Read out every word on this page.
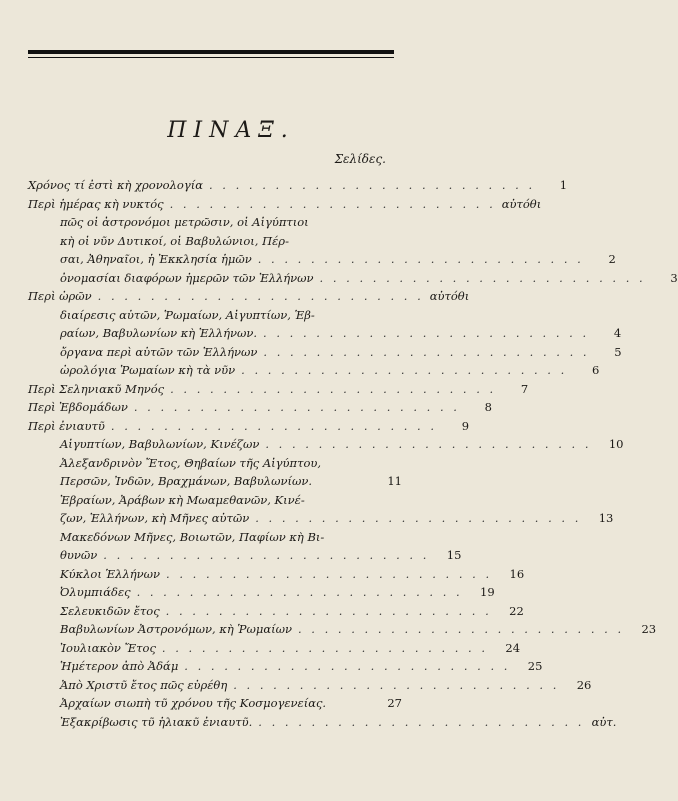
ΠΙΝΑΞ.
Σελίδες.
Χρόνος τί ἐστὶ κὴ χρονολογία . . . . . . . . . . . . . . . . . . . . . . . . .	1
Περὶ ἡμέρας κὴ νυκτός . . . . . . . . . . . . . . . . . . . . . . . . . αὐτόθι
πῶς οἱ ἀστρονόμοι μετρῶσιν, οἱ Αἰγύπτιοι
κὴ οἱ νῦν Δυτικοί, οἱ Βαβυλώνιοι, Πέρ-
σαι, Ἀθηναῖοι, ἡ Ἐκκλησία ἡμῶν . . . . . . . . . . . . . . . . . . . . . . . . .	2
ὀνομασίαι διαφόρων ἡμερῶν τῶν Ἑλλήνων . . . . . . . . . . . . . . . . . . . . . . . . .	3
Περὶ ὡρῶν . . . . . . . . . . . . . . . . . . . . . . . . . αὐτόθι
διαίρεσις αὐτῶν, Ῥωμαίων, Αἰγυπτίων, Ἑβ-
ραίων, Βαβυλωνίων κὴ Ἑλλήνων. . . . . . . . . . . . . . . . . . . . . . . . . .	4
ὄργανα περὶ αὐτῶν τῶν Ἑλλήνων . . . . . . . . . . . . . . . . . . . . . . . . .	5
ὡρολόγια Ῥωμαίων κὴ τὰ νῦν . . . . . . . . . . . . . . . . . . . . . . . . .	6
Περὶ Σεληνιακῦ Μηνός . . . . . . . . . . . . . . . . . . . . . . . . .	7
Περὶ Ἑβδομάδων . . . . . . . . . . . . . . . . . . . . . . . . .	8
Περὶ ἐνιαυτῦ . . . . . . . . . . . . . . . . . . . . . . . . .	9
Αἰγυπτίων, Βαβυλωνίων, Κινέζων . . . . . . . . . . . . . . . . . . . . . . . . .	10
Ἀλεξανδρινὸν Ἔτος, Θηβαίων τῆς Αἰγύπτου,
Περσῶν, Ἰνδῶν, Βραχμάνων, Βαβυλωνίων.	11
Ἑβραίων, Ἀράβων κὴ Μωαμεθανῶν, Κινέ-
ζων, Ἑλλήνων, κὴ Μῆνες αὐτῶν . . . . . . . . . . . . . . . . . . . . . . . . .	13
Μακεδόνων Μῆνες, Βοιωτῶν, Παφίων κὴ Βι-
θυνῶν . . . . . . . . . . . . . . . . . . . . . . . . .	15
Κύκλοι Ἑλλήνων . . . . . . . . . . . . . . . . . . . . . . . . .	16
Ὀλυμπιάδες . . . . . . . . . . . . . . . . . . . . . . . . .	19
Σελευκιδῶν ἔτος . . . . . . . . . . . . . . . . . . . . . . . . .	22
Βαβυλωνίων Ἀστρονόμων, κὴ Ῥωμαίων . . . . . . . . . . . . . . . . . . . . . . . . .	23
Ἰουλιακὸν Ἔτος . . . . . . . . . . . . . . . . . . . . . . . . .	24
Ἡμέτερον ἀπὸ Ἀδάμ . . . . . . . . . . . . . . . . . . . . . . . . .	25
Ἀπὸ Χριστῦ ἔτος πῶς εὑρέθη . . . . . . . . . . . . . . . . . . . . . . . . .	26
Ἀρχαίων σιωπὴ τῦ χρόνου τῆς Κοσμογενείας.	27
Ἐξακρίβωσις τῦ ἡλιακῦ ἐνιαυτῦ. . . . . . . . . . . . . . . . . . . . . . . . . . αὐτ.
